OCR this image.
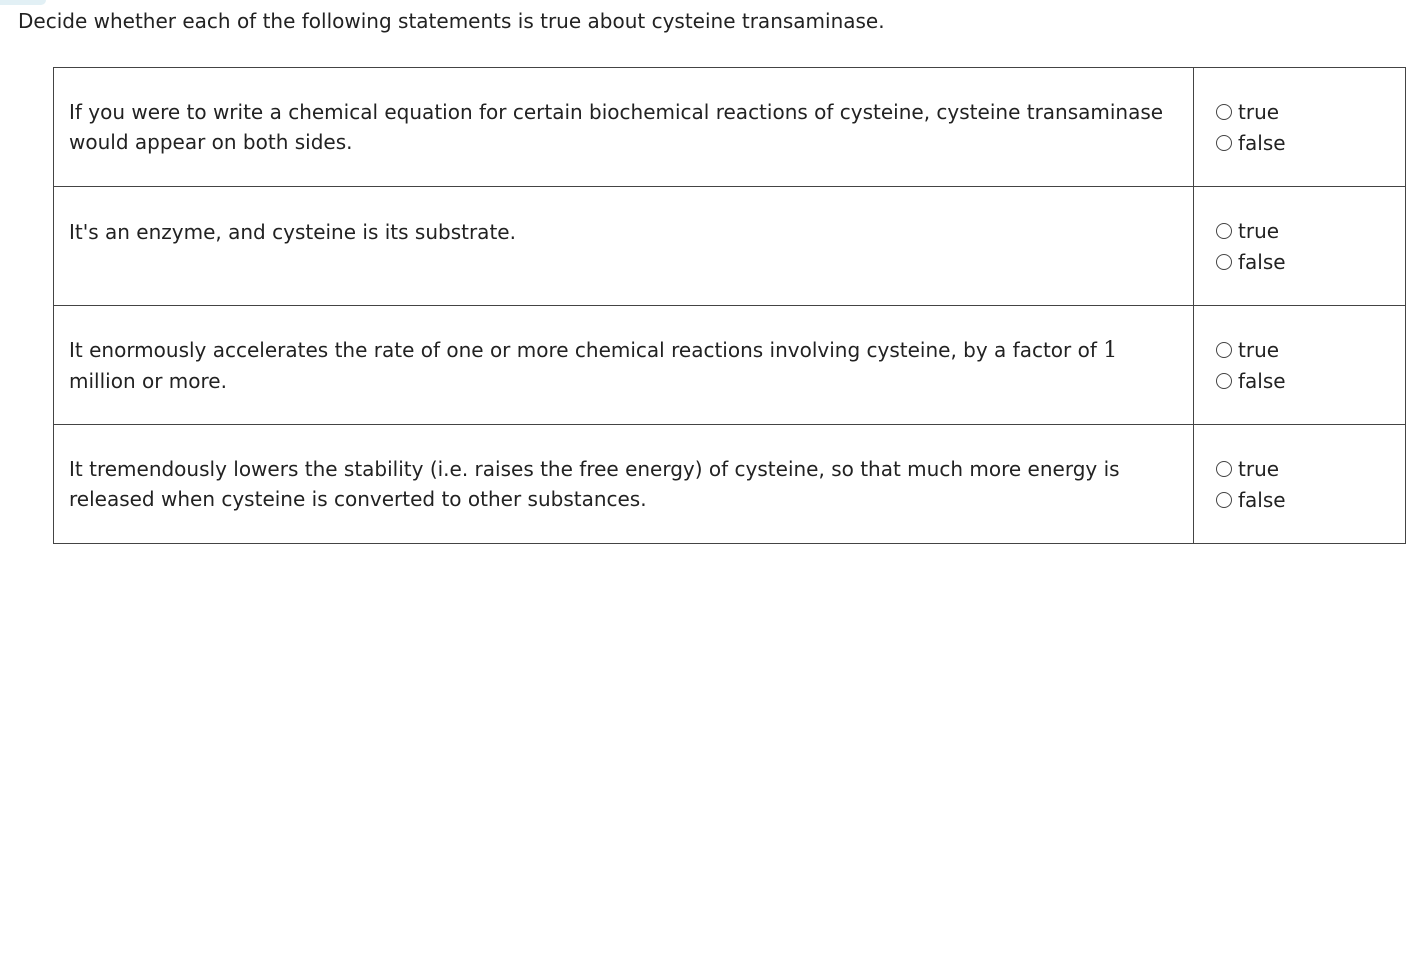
Decide whether each of the following statements is true about cysteine transaminase.
If you were to write a chemical equation for certain biochemical reactions of cysteine, cysteine transaminase would appear on both sides.	true
false

It's an enzyme, and cysteine is its substrate.	true
false

It enormously accelerates the rate of one or more chemical reactions involving cysteine, by a factor of 1 million or more.	true
false

It tremendously lowers the stability (i.e. raises the free energy) of cysteine, so that much more energy is released when cysteine is converted to other substances.	true
false
